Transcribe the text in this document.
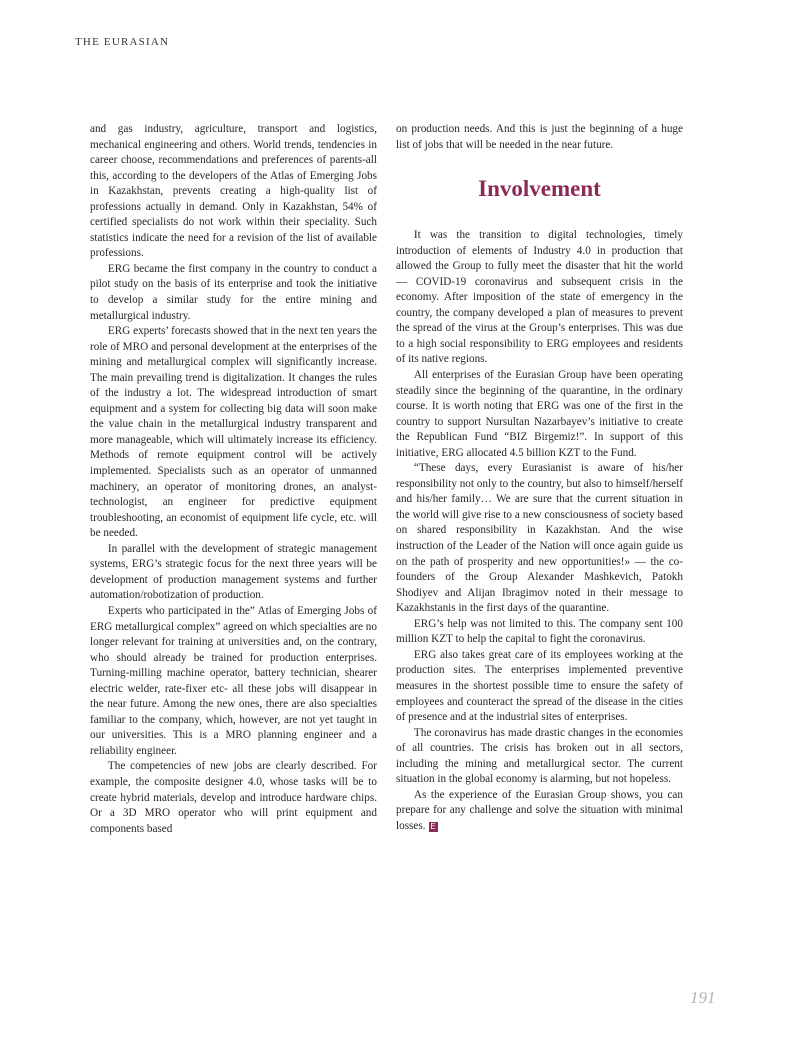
THE EURASIAN

and gas industry, agriculture, transport and logistics, mechanical engineering and others. World trends, tendencies in career choose, recommendations and preferences of parents-all this, according to the developers of the Atlas of Emerging Jobs in Kazakhstan, prevents creating a high-quality list of professions actually in demand. Only in Kazakhstan, 54% of certified specialists do not work within their speciality. Such statistics indicate the need for a revision of the list of available professions.

ERG became the first company in the country to conduct a pilot study on the basis of its enterprise and took the initiative to develop a similar study for the entire mining and metallurgical industry.

ERG experts’ forecasts showed that in the next ten years the role of MRO and personal development at the enterprises of the mining and metallurgical complex will significantly increase. The main prevailing trend is digitalization. It changes the rules of the industry a lot. The widespread introduction of smart equipment and a system for collecting big data will soon make the value chain in the metallurgical industry transparent and more manageable, which will ultimately increase its efficiency. Methods of remote equipment control will be actively implemented. Specialists such as an operator of unmanned machinery, an operator of monitoring drones, an analyst-technologist, an engineer for predictive equipment troubleshooting, an economist of equipment life cycle, etc. will be needed.

In parallel with the development of strategic management systems, ERG’s strategic focus for the next three years will be development of production management systems and further automation/robotization of production.

Experts who participated in the” Atlas of Emerging Jobs of ERG metallurgical complex” agreed on which specialties are no longer relevant for training at universities and, on the contrary, who should already be trained for production enterprises. Turning-milling machine operator, battery technician, shearer electric welder, rate-fixer etc- all these jobs will disappear in the near future. Among the new ones, there are also specialties familiar to the company, which, however, are not yet taught in our universities. This is a MRO planning engineer and a reliability engineer.

The competencies of new jobs are clearly described. For example, the composite designer 4.0, whose tasks will be to create hybrid materials, develop and introduce hardware chips. Or a 3D MRO operator who will print equipment and components based

on production needs. And this is just the beginning of a huge list of jobs that will be needed in the near future.

Involvement

It was the transition to digital technologies, timely introduction of elements of Industry 4.0 in production that allowed the Group to fully meet the disaster that hit the world — COVID-19 coronavirus and subsequent crisis in the economy. After imposition of the state of emergency in the country, the company developed a plan of measures to prevent the spread of the virus at the Group’s enterprises. This was due to a high social responsibility to ERG employees and residents of its native regions.

All enterprises of the Eurasian Group have been operating steadily since the beginning of the quarantine, in the ordinary course. It is worth noting that ERG was one of the first in the country to support Nursultan Nazarbayev’s initiative to create the Republican Fund “BIZ Birgemiz!”. In support of this initiative, ERG allocated 4.5 billion KZT to the Fund.

“These days, every Eurasianist is aware of his/her responsibility not only to the country, but also to himself/herself and his/her family… We are sure that the current situation in the world will give rise to a new consciousness of society based on shared responsibility in Kazakhstan. And the wise instruction of the Leader of the Nation will once again guide us on the path of prosperity and new opportunities!» — the co-founders of the Group Alexander Mashkevich, Patokh Shodiyev and Alijan Ibragimov noted in their message to Kazakhstanis in the first days of the quarantine.

ERG’s help was not limited to this. The company sent 100 million KZT to help the capital to fight the coronavirus.

ERG also takes great care of its employees working at the production sites. The enterprises implemented preventive measures in the shortest possible time to ensure the safety of employees and counteract the spread of the disease in the cities of presence and at the industrial sites of enterprises.

The coronavirus has made drastic changes in the economies of all countries. The crisis has broken out in all sectors, including the mining and metallurgical sector. The current situation in the global economy is alarming, but not hopeless.

As the experience of the Eurasian Group shows, you can prepare for any challenge and solve the situation with minimal losses. E

191
